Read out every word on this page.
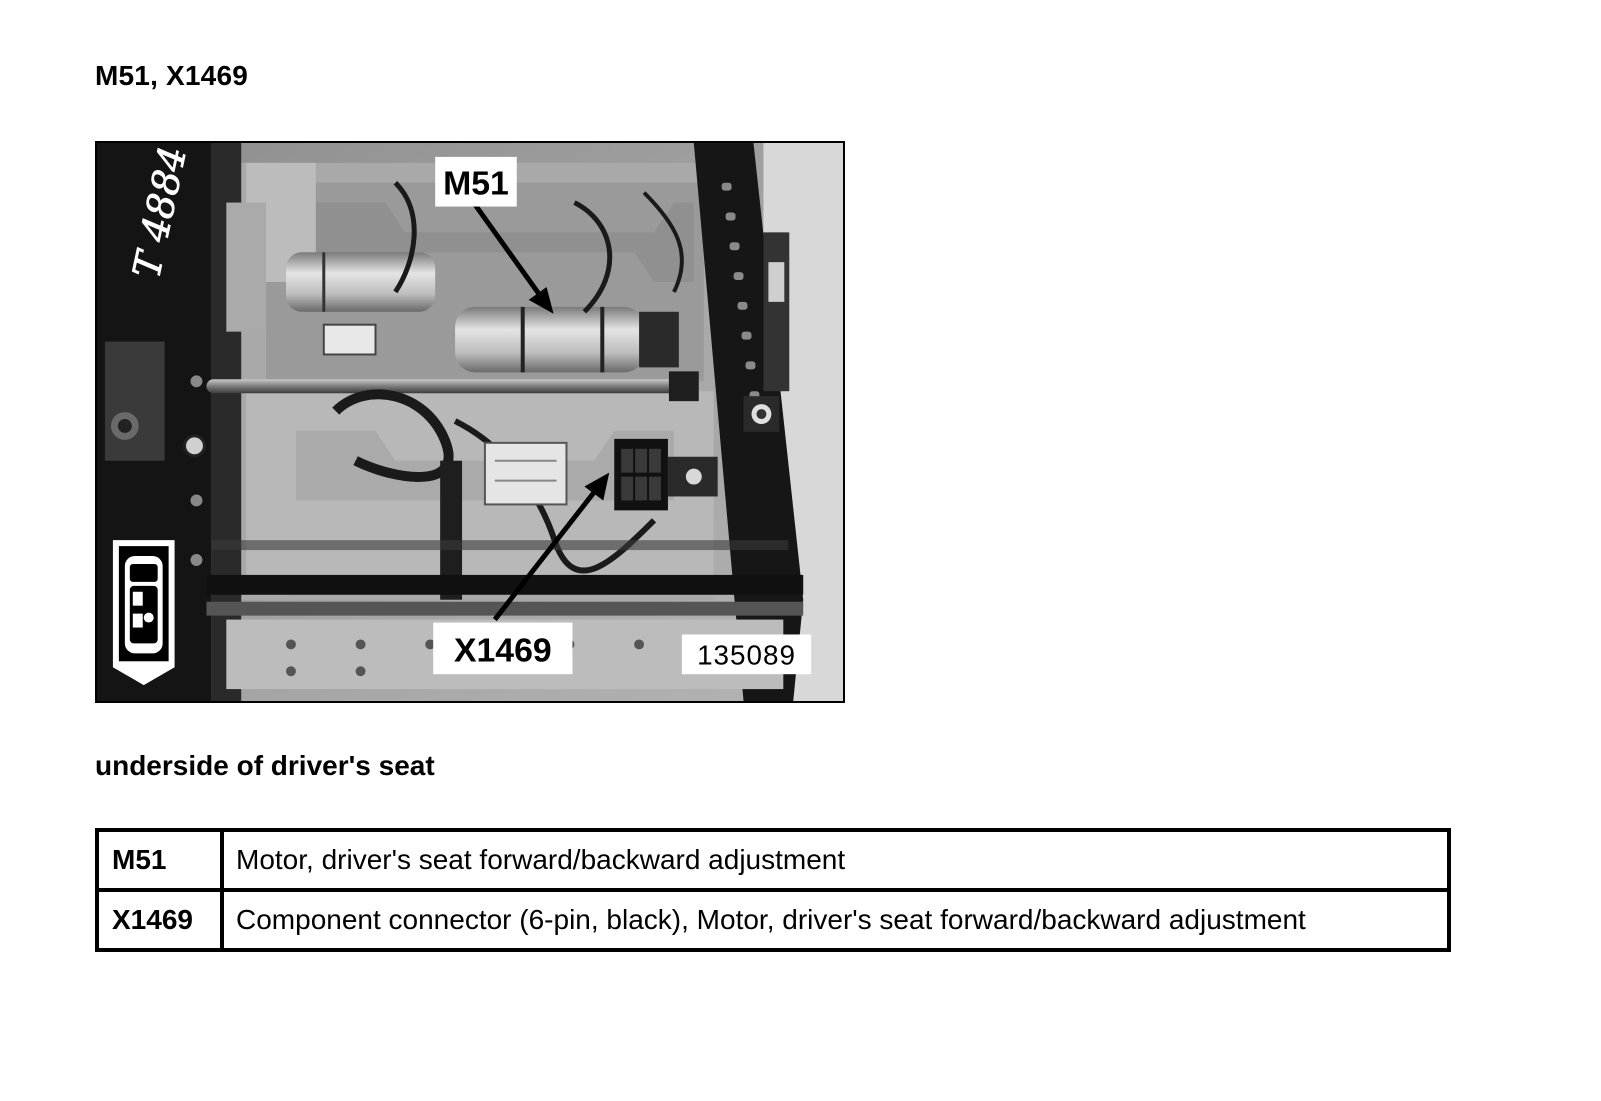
M51, X1469
T 4884	M51
X1469	135089
underside of driver's seat
M51	Motor, driver's seat forward/backward adjustment
X1469	Component connector (6-pin, black), Motor, driver's seat forward/backward adjustment
